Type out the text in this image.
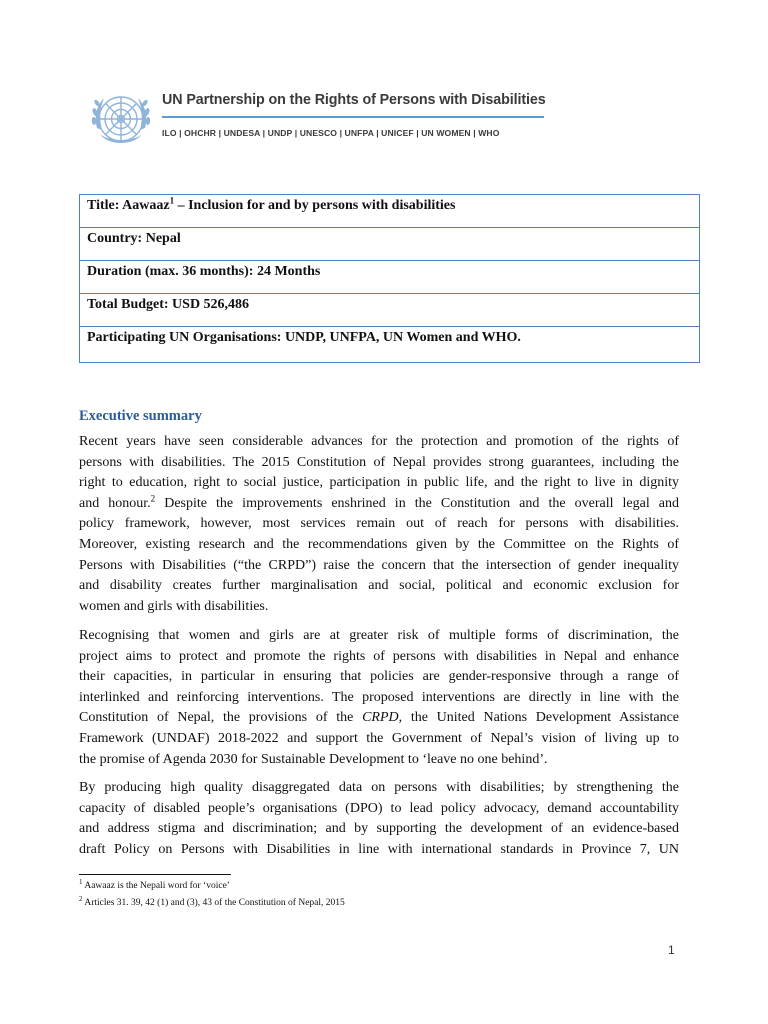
UN Partnership on the Rights of Persons with Disabilities
ILO | OHCHR | UNDESA | UNDP | UNESCO | UNFPA | UNICEF | UN WOMEN | WHO
Title: Aawaaz$^1$ – Inclusion for and by persons with disabilities

Country: Nepal

Duration (max. 36 months): 24 Months

Total Budget: USD 526,486

Participating UN Organisations: UNDP, UNFPA, UN Women and WHO.
Executive summary
Recent years have seen considerable advances for the protection and promotion of the rights of
persons with disabilities. The 2015 Constitution of Nepal provides strong guarantees, including the
right to education, right to social justice, participation in public life, and the right to live in dignity
and honour.$^2$ Despite the improvements enshrined in the Constitution and the overall legal and
policy framework, however, most services remain out of reach for persons with disabilities.
Moreover, existing research and the recommendations given by the Committee on the Rights of
Persons with Disabilities (“the CRPD”) raise the concern that the intersection of gender inequality
and disability creates further marginalisation and social, political and economic exclusion for
women and girls with disabilities.
Recognising that women and girls are at greater risk of multiple forms of discrimination, the
project aims to protect and promote the rights of persons with disabilities in Nepal and enhance
their capacities, in particular in ensuring that policies are gender-responsive through a range of
interlinked and reinforcing interventions. The proposed interventions are directly in line with the
Constitution of Nepal, the provisions of the CRPD, the United Nations Development Assistance
Framework (UNDAF) 2018-2022 and support the Government of Nepal’s vision of living up to
the promise of Agenda 2030 for Sustainable Development to ‘leave no one behind’.
By producing high quality disaggregated data on persons with disabilities; by strengthening the
capacity of disabled people’s organisations (DPO) to lead policy advocacy, demand accountability
and address stigma and discrimination; and by supporting the development of an evidence-based
draft Policy on Persons with Disabilities in line with international standards in Province 7, UN
$^1$ Aawaaz is the Nepali word for ‘voice’
$^2$ Articles 31. 39, 42 (1) and (3), 43 of the Constitution of Nepal, 2015
1
